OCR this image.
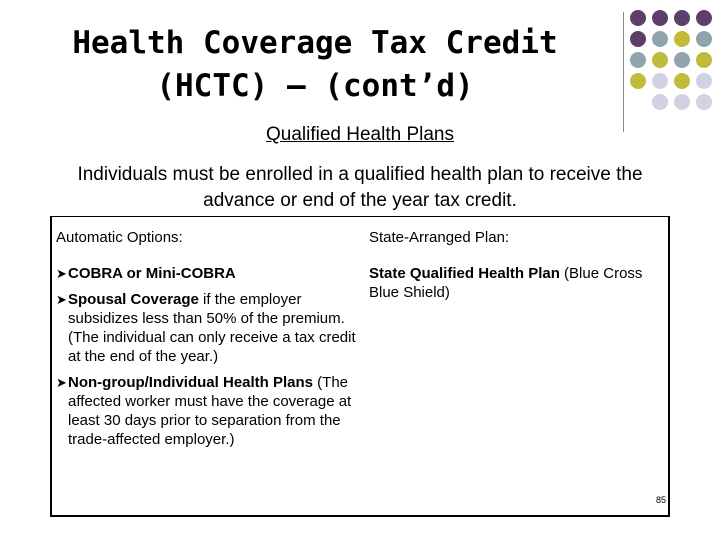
Health Coverage Tax Credit
(HCTC) – (cont’d)
Qualified Health Plans
Individuals must be enrolled in a qualified health plan to receive the advance or end of the year tax credit.
Automatic Options:
➤ COBRA or Mini-COBRA
➤ Spousal Coverage if the employer subsidizes less than 50% of the premium. (The individual can only receive a tax credit at the end of the year.)
➤ Non-group/Individual Health Plans (The affected worker must have the coverage at least 30 days prior to separation from the trade-affected employer.)
State-Arranged Plan:
State Qualified Health Plan (Blue Cross Blue Shield)
85
